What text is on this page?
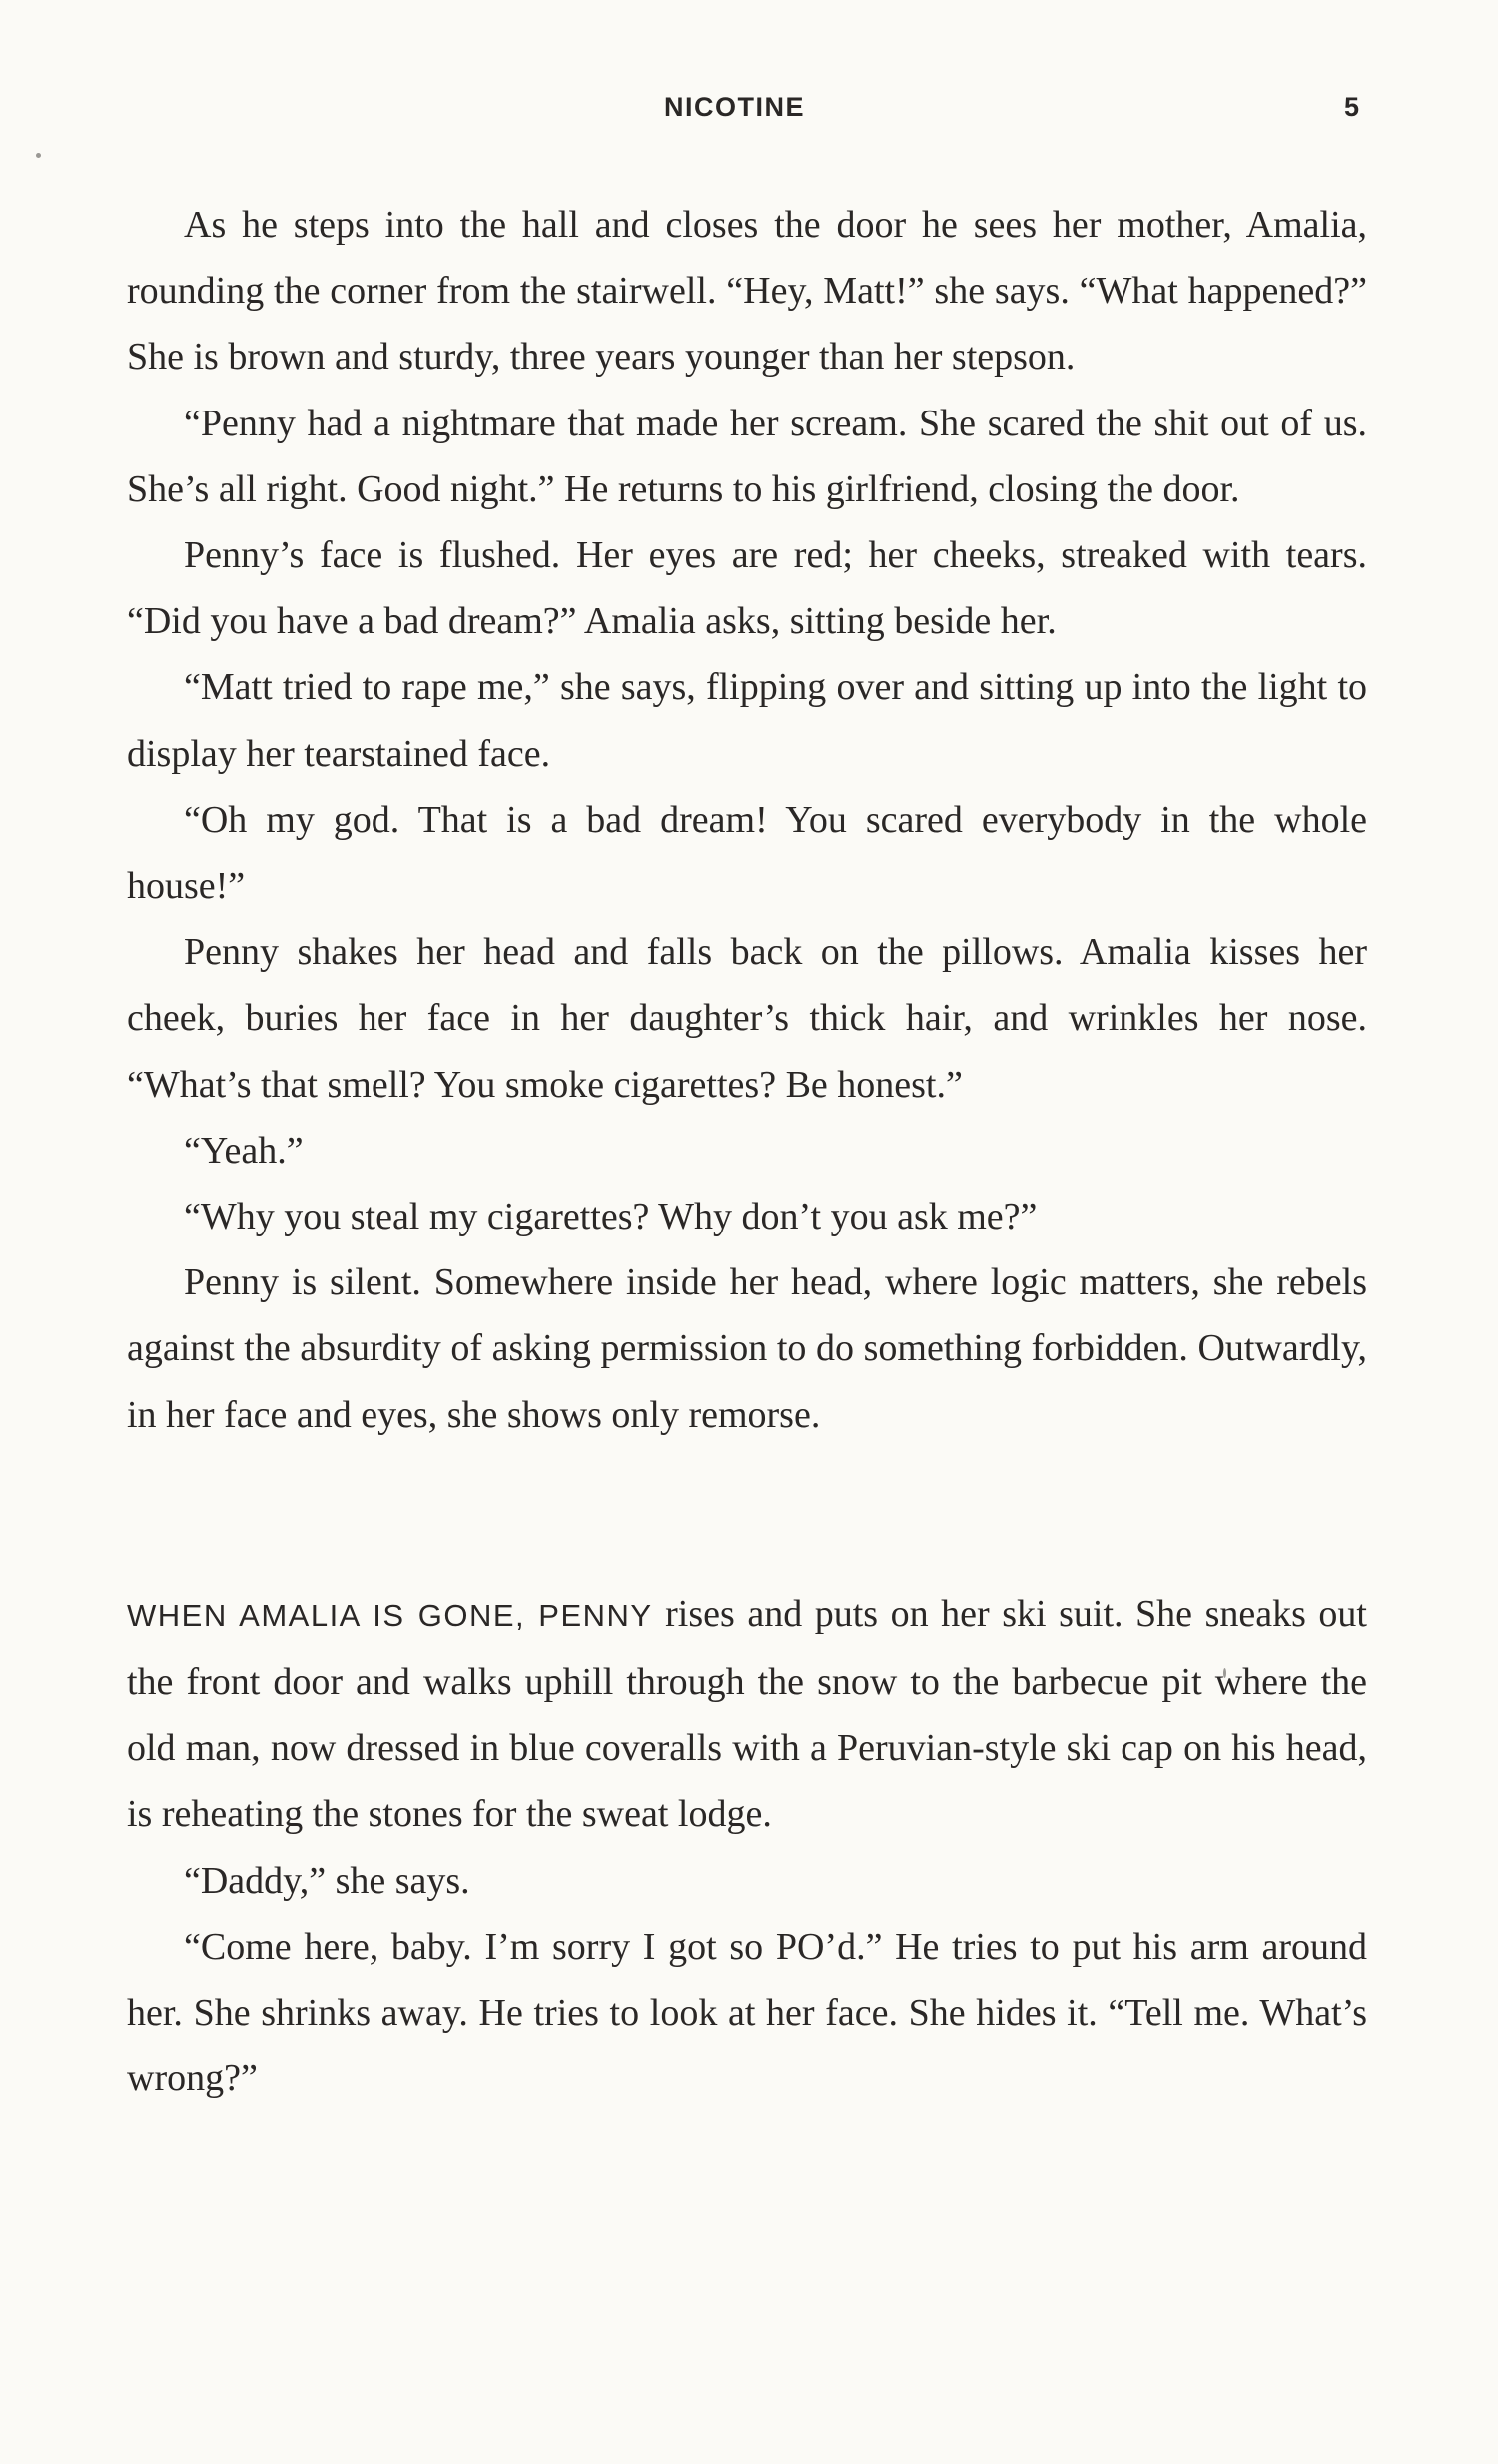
NICOTINE	5

As he steps into the hall and closes the door he sees her mother, Amalia, rounding the corner from the stairwell. “Hey, Matt!” she says. “What happened?” She is brown and sturdy, three years younger than her stepson.

“Penny had a nightmare that made her scream. She scared the shit out of us. She’s all right. Good night.” He returns to his girlfriend, closing the door.

Penny’s face is flushed. Her eyes are red; her cheeks, streaked with tears. “Did you have a bad dream?” Amalia asks, sitting beside her.

“Matt tried to rape me,” she says, flipping over and sitting up into the light to display her tearstained face.

“Oh my god. That is a bad dream! You scared everybody in the whole house!”

Penny shakes her head and falls back on the pillows. Amalia kisses her cheek, buries her face in her daughter’s thick hair, and wrinkles her nose. “What’s that smell? You smoke cigarettes? Be honest.”

“Yeah.”

“Why you steal my cigarettes? Why don’t you ask me?”

Penny is silent. Somewhere inside her head, where logic matters, she rebels against the absurdity of asking permission to do something forbidden. Outwardly, in her face and eyes, she shows only remorse.

WHEN AMALIA IS GONE, PENNY rises and puts on her ski suit. She sneaks out the front door and walks uphill through the snow to the barbecue pit where the old man, now dressed in blue coveralls with a Peruvian-style ski cap on his head, is reheating the stones for the sweat lodge.

“Daddy,” she says.

“Come here, baby. I’m sorry I got so PO’d.” He tries to put his arm around her. She shrinks away. He tries to look at her face. She hides it. “Tell me. What’s wrong?”
